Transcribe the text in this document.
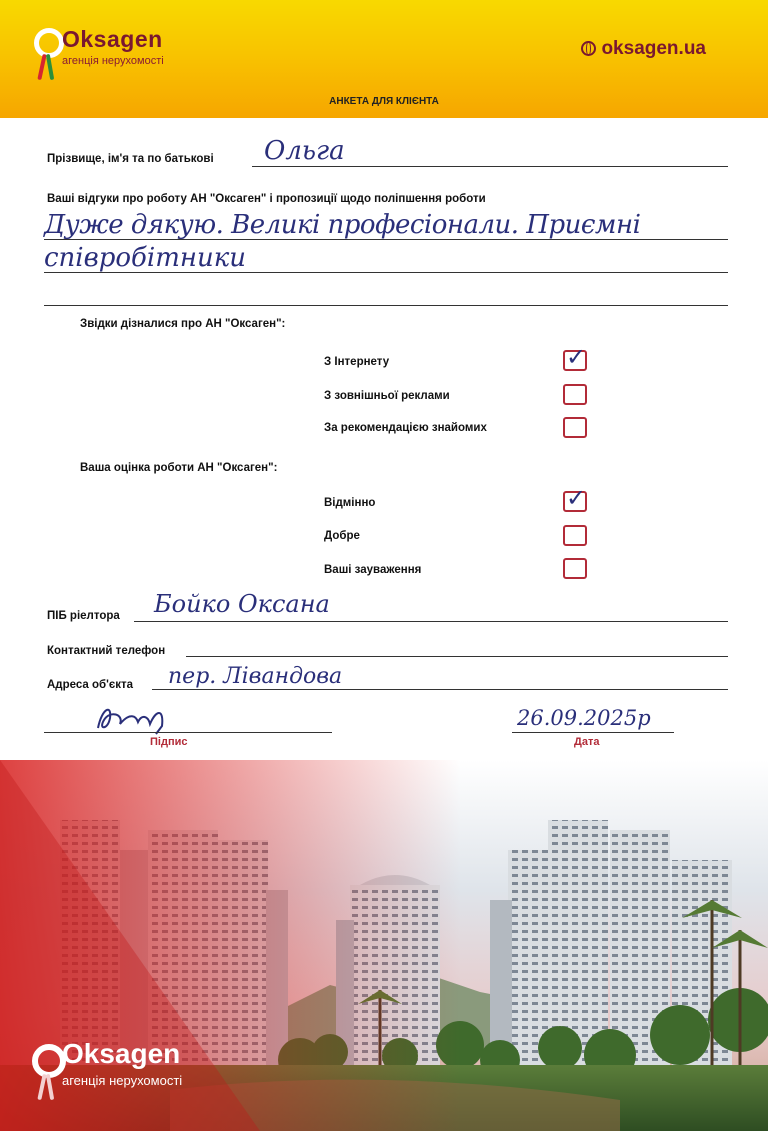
Oksagen
агенція нерухомості
oksagen.ua
АНКЕТА ДЛЯ КЛІЄНТА
Прізвище, ім'я та по батькові Ольга
Ваші відгуки про роботу АН "Оксаген" і пропозиції щодо поліпшення роботи
Дуже дякую. Великі професіонали. Приємні
співробітники
Звідки дізналися про АН "Оксаген":
З Інтернету	✓
З зовнішньої реклами
За рекомендацією знайомих
Ваша оцінка роботи АН "Оксаген":
Відмінно	✓
Добре
Ваші зауваження
ПІБ ріелтора Бойко Оксана
Контактний телефон
Адреса об'єкта пер. Лівандова
Підпис
26.09.2025р
Дата
Oksagen
агенція нерухомості
